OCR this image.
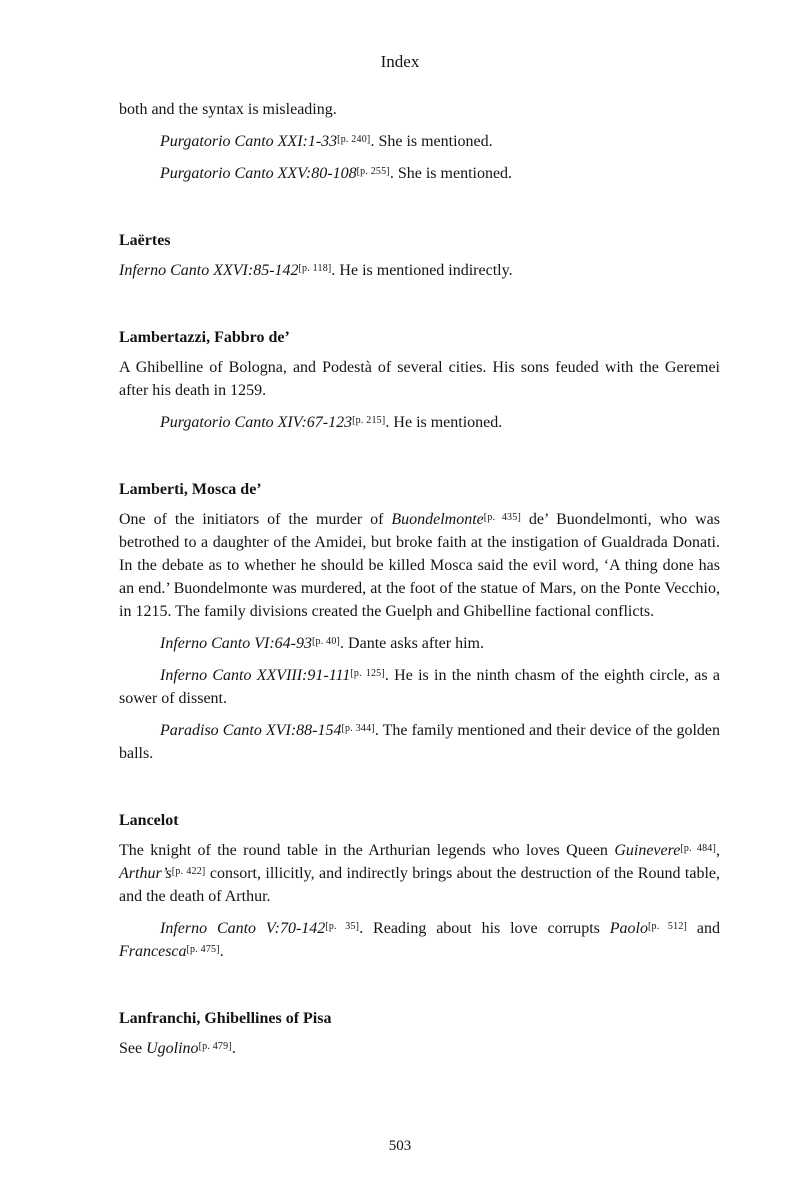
Index

both and the syntax is misleading.

Purgatorio Canto XXI:1-33[p. 240]. She is mentioned.

Purgatorio Canto XXV:80-108[p. 255]. She is mentioned.

Laërtes

Inferno Canto XXVI:85-142[p. 118]. He is mentioned indirectly.

Lambertazzi, Fabbro de’

A Ghibelline of Bologna, and Podestà of several cities. His sons feuded with the Geremei after his death in 1259.

Purgatorio Canto XIV:67-123[p. 215]. He is mentioned.

Lamberti, Mosca de’

One of the initiators of the murder of Buondelmonte[p. 435] de’ Buondelmonti, who was betrothed to a daughter of the Amidei, but broke faith at the instigation of Gualdrada Donati. In the debate as to whether he should be killed Mosca said the evil word, ‘A thing done has an end.’ Buondelmonte was murdered, at the foot of the statue of Mars, on the Ponte Vecchio, in 1215. The family divisions created the Guelph and Ghibelline factional conflicts.

Inferno Canto VI:64-93[p. 40]. Dante asks after him.

Inferno Canto XXVIII:91-111[p. 125]. He is in the ninth chasm of the eighth circle, as a sower of dissent.

Paradiso Canto XVI:88-154[p. 344]. The family mentioned and their device of the golden balls.

Lancelot

The knight of the round table in the Arthurian legends who loves Queen Guinevere[p. 484], Arthur’s[p. 422] consort, illicitly, and indirectly brings about the destruction of the Round table, and the death of Arthur.

Inferno Canto V:70-142[p. 35]. Reading about his love corrupts Paolo[p. 512] and Francesca[p. 475].

Lanfranchi, Ghibellines of Pisa

See Ugolino[p. 479].

503
